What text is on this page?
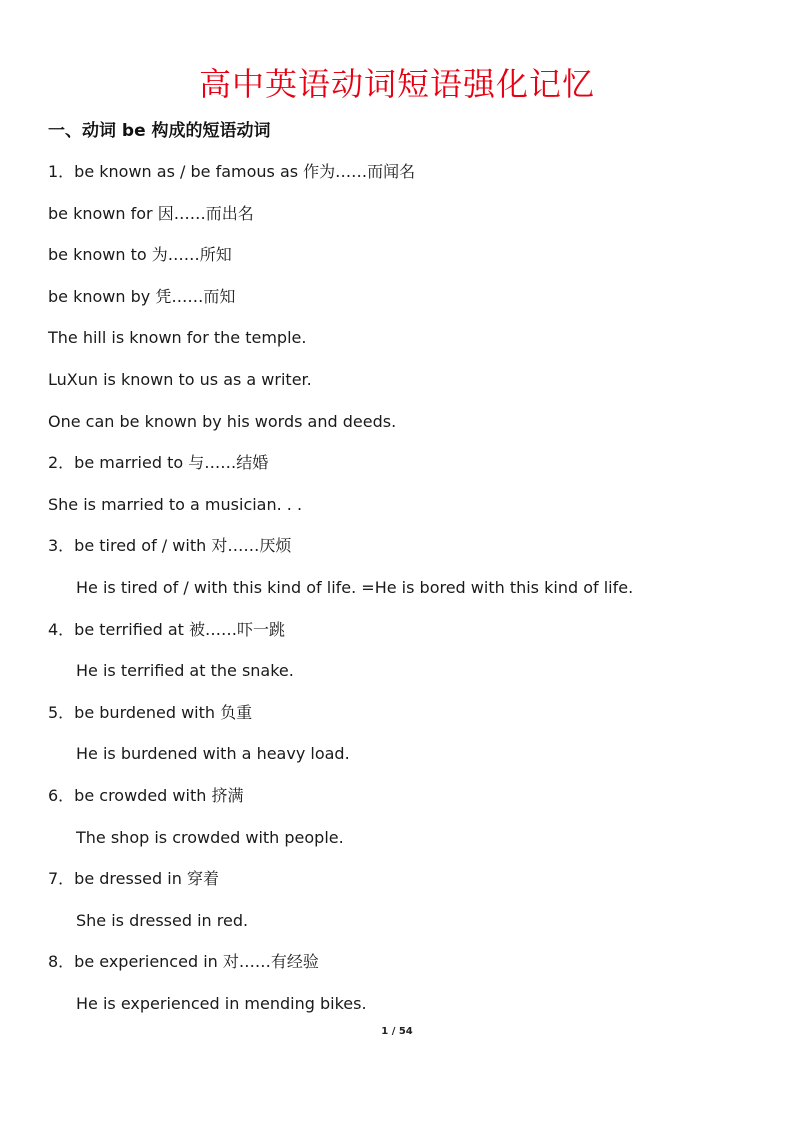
高中英语动词短语强化记忆
一、动词 be 构成的短语动词
1．be known as / be famous as 作为……而闻名
be known for 因……而出名
be known to 为……所知
be known by 凭……而知
The hill is known for the temple.
LuXun is known to us as a writer.
One can be known by his words and deeds.
2．be married to 与……结婚
She is married to a musician. . .
3．be tired of / with 对……厌烦
He is tired of / with this kind of life. =He is bored with this kind of life.
4．be terrified at 被……吓一跳
He is terrified at the snake.
5．be burdened with 负重
He is burdened with a heavy load.
6．be crowded with 挤满
The shop is crowded with people.
7．be dressed in 穿着
She is dressed in red.
8．be experienced in 对……有经验
He is experienced in mending bikes.
1 / 54
